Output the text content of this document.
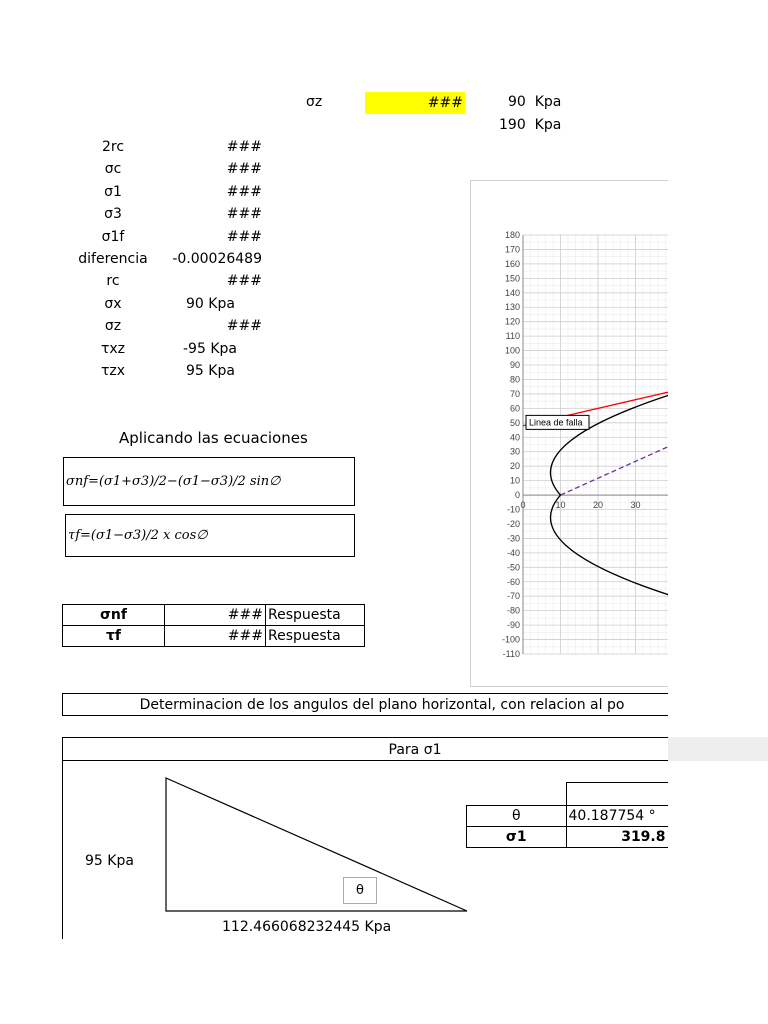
σz	###	90 Kpa
190 Kpa
2rc	###
σc	###
σ1	###
σ3	###
σ1f	###
diferencia	-0.00026489
rc	###
σx	90 Kpa
σz	###
τxz	-95 Kpa
τzx	95 Kpa
Aplicando las ecuaciones
σnf=(σ1+σ3)/2−(σ1−σ3)/2 sin∅
τf=(σ1−σ3)/2 x cos∅
σnf	###	Respuesta
τf	###	Respuesta
180
170
160
150
140
130
120
110
100
90
80
70
60
50
40
30
20
10
0
-10
-20
-30
-40
-50
-60
-70
-80
-90
-100
-110
0	10	20	30
Linea de falla
Determinacion de los angulos del plano horizontal, con relacion al po
Para σ1
θ
95 Kpa
112.466068232445 Kpa

θ	40.187754 °
σ1	319.8
